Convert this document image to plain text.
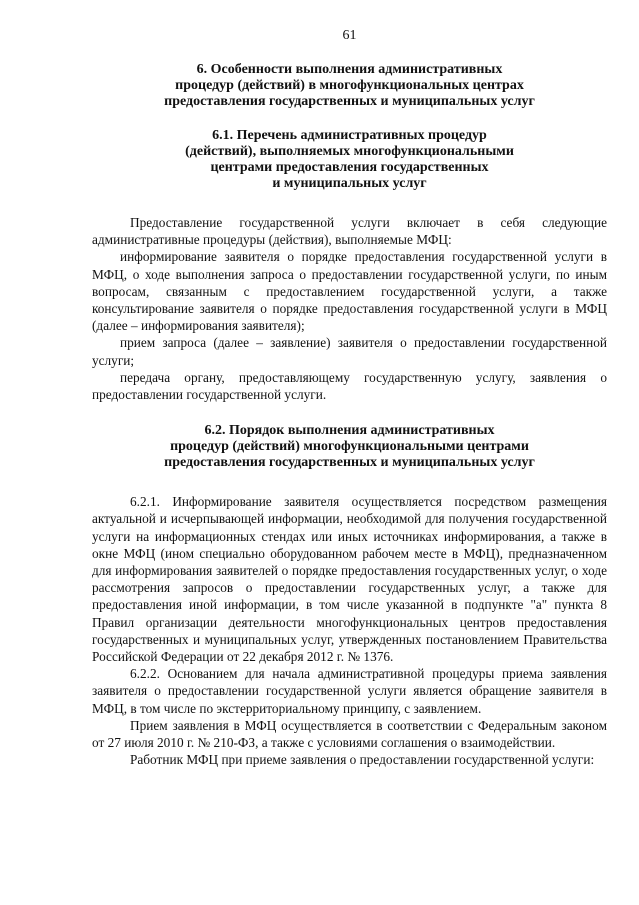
61
6. Особенности выполнения административных
процедур (действий) в многофункциональных центрах
предоставления государственных и муниципальных услуг
6.1. Перечень административных процедур
(действий), выполняемых многофункциональными
центрами предоставления государственных
и муниципальных услуг

Предоставление государственной услуги включает в себя следующие административные процедуры (действия), выполняемые МФЦ:

информирование заявителя о порядке предоставления государственной услуги в МФЦ, о ходе выполнения запроса о предоставлении государственной услуги, по иным вопросам, связанным с предоставлением государственной услуги, а также консультирование заявителя о порядке предоставления государственной услуги в МФЦ (далее – информирования заявителя);

прием запроса (далее – заявление) заявителя о предоставлении государственной услуги;

передача органу, предоставляющему государственную услугу, заявления о предоставлении государственной услуги.

6.2. Порядок выполнения административных
процедур (действий) многофункциональными центрами
предоставления государственных и муниципальных услуг

6.2.1. Информирование заявителя осуществляется посредством размещения актуальной и исчерпывающей информации, необходимой для получения государственной услуги на информационных стендах или иных источниках информирования, а также в окне МФЦ (ином специально оборудованном рабочем месте в МФЦ), предназначенном для информирования заявителей о порядке предоставления государственных услуг, о ходе рассмотрения запросов о предоставлении государственных услуг, а также для предоставления иной информации, в том числе указанной в подпункте "а" пункта 8 Правил организации деятельности многофункциональных центров предоставления государственных и муниципальных услуг, утвержденных постановлением Правительства Российской Федерации от 22 декабря 2012 г. № 1376.

6.2.2. Основанием для начала административной процедуры приема заявления заявителя о предоставлении государственной услуги является обращение заявителя в МФЦ, в том числе по экстерриториальному принципу, с заявлением.

Прием заявления в МФЦ осуществляется в соответствии с Федеральным законом от 27 июля 2010 г. № 210-ФЗ, а также с условиями соглашения о взаимодействии.

Работник МФЦ при приеме заявления о предоставлении государственной услуги:
